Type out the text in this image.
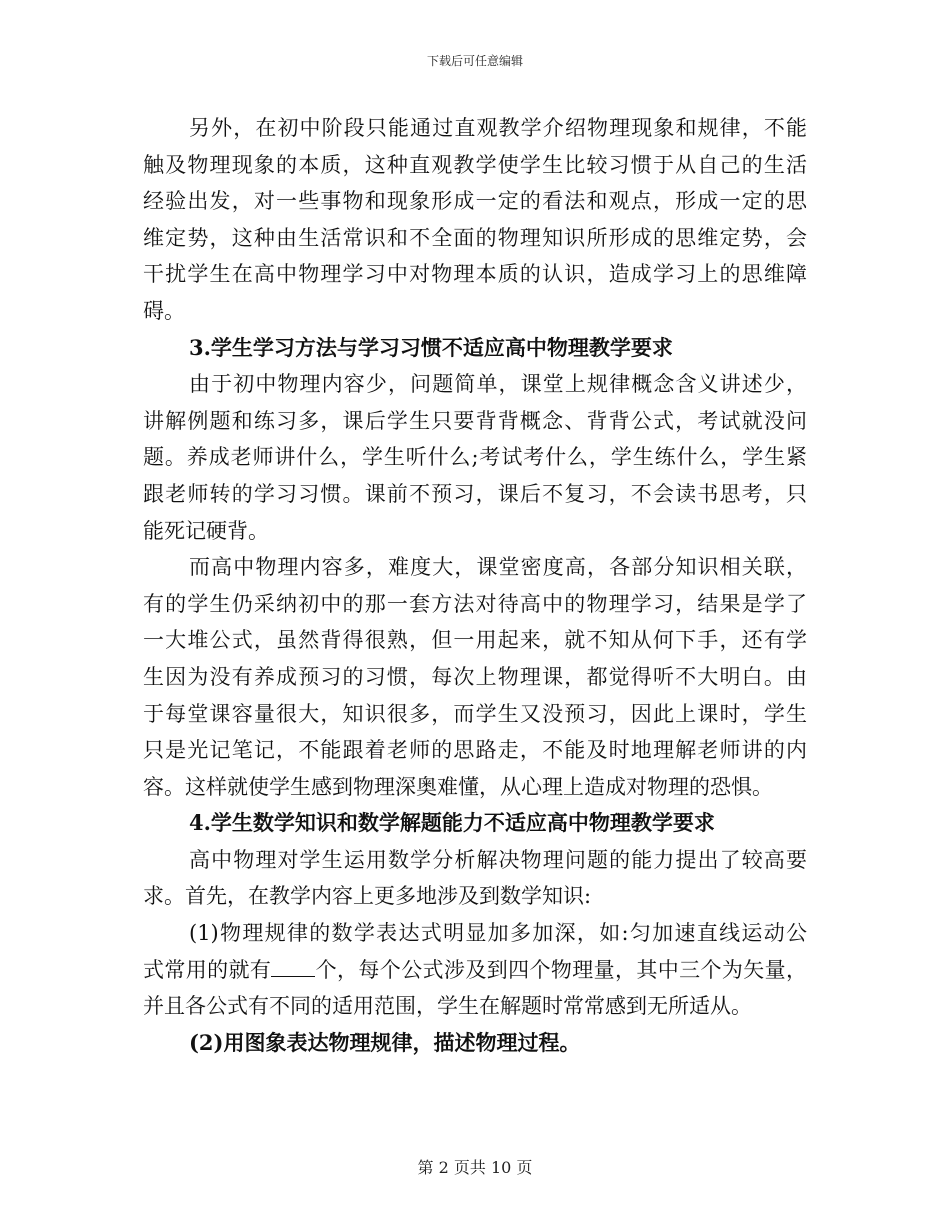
下载后可任意编辑
另外，在初中阶段只能通过直观教学介绍物理现象和规律，不能
触及物理现象的本质，这种直观教学使学生比较习惯于从自己的生活
经验出发，对一些事物和现象形成一定的看法和观点，形成一定的思
维定势，这种由生活常识和不全面的物理知识所形成的思维定势，会
干扰学生在高中物理学习中对物理本质的认识，造成学习上的思维障
碍。
3.学生学习方法与学习习惯不适应高中物理教学要求
由于初中物理内容少，问题简单，课堂上规律概念含义讲述少，
讲解例题和练习多，课后学生只要背背概念、背背公式，考试就没问
题。养成老师讲什么，学生听什么;考试考什么，学生练什么，学生紧
跟老师转的学习习惯。课前不预习，课后不复习，不会读书思考，只
能死记硬背。
而高中物理内容多，难度大，课堂密度高，各部分知识相关联，
有的学生仍采纳初中的那一套方法对待高中的物理学习，结果是学了
一大堆公式，虽然背得很熟，但一用起来，就不知从何下手，还有学
生因为没有养成预习的习惯，每次上物理课，都觉得听不大明白。由
于每堂课容量很大，知识很多，而学生又没预习，因此上课时，学生
只是光记笔记，不能跟着老师的思路走，不能及时地理解老师讲的内
容。这样就使学生感到物理深奥难懂，从心理上造成对物理的恐惧。
4.学生数学知识和数学解题能力不适应高中物理教学要求
高中物理对学生运用数学分析解决物理问题的能力提出了较高要
求。首先，在教学内容上更多地涉及到数学知识:
(1)物理规律的数学表达式明显加多加深，如:匀加速直线运动公
式常用的就有 个，每个公式涉及到四个物理量，其中三个为矢量，
并且各公式有不同的适用范围，学生在解题时常常感到无所适从。
(2)用图象表达物理规律，描述物理过程。
第 2 页共 10 页
